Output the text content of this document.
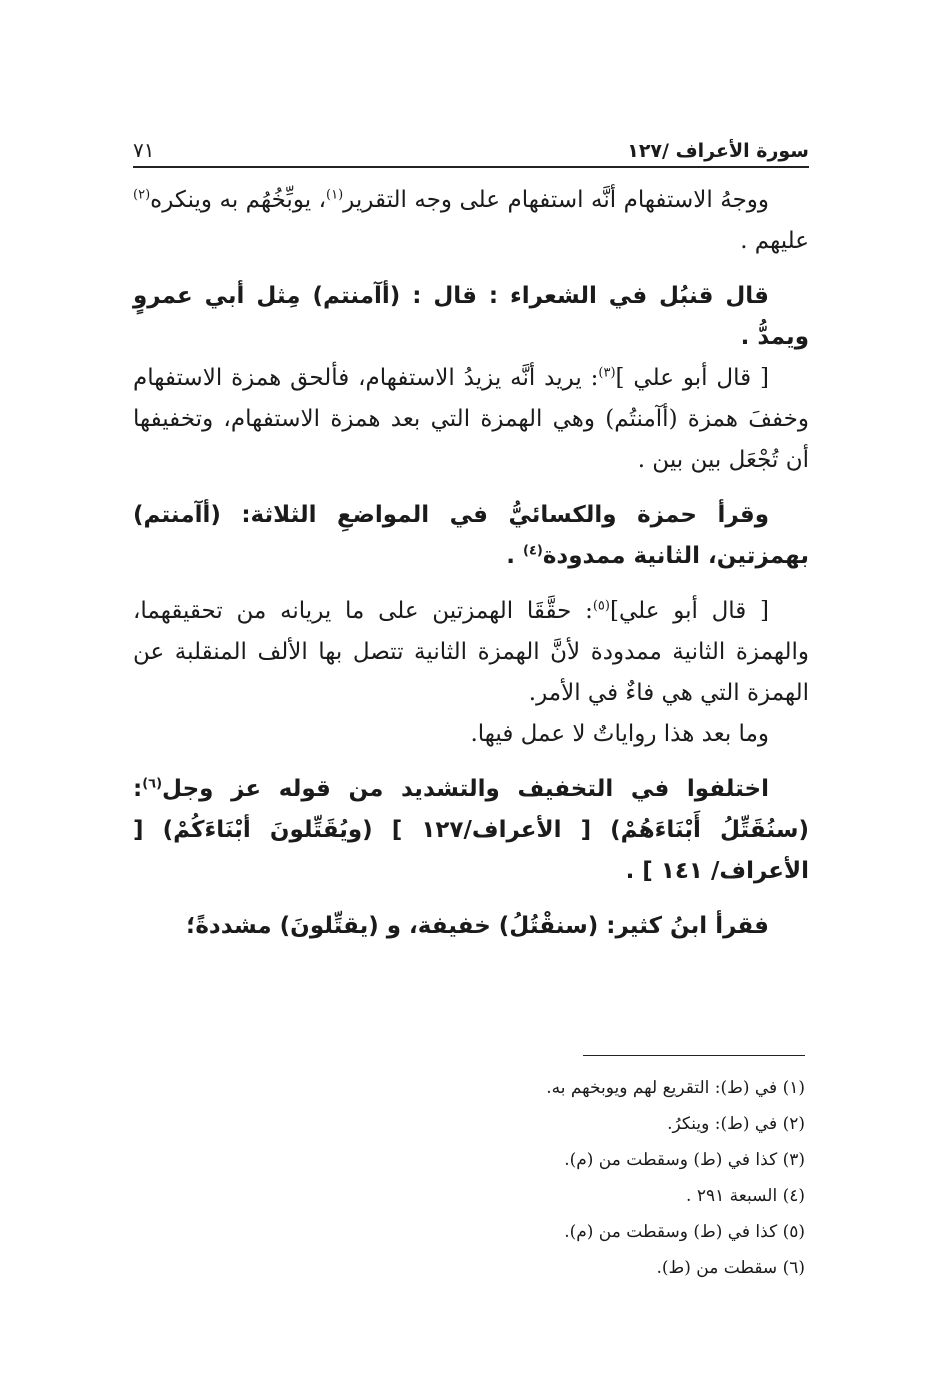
سورة الأعراف /١٢٧
٧١

ووجهُ الاستفهام أنَّه استفهام على وجه التقرير$^{(١)}$، يوبِّخُهُم به وينكره$^{(٢)}$ عليهم .

قال قنبُل في الشعراء : قال : (أآمنتم) مِثل أبي عمروٍ ويمدُّ .

[ قال أبو علي ]$^{(٣)}$: يريد أنَّه يزيدُ الاستفهام، فألحق همزة الاستفهام وخففَ همزة (أآمنتُم) وهي الهمزة التي بعد همزة الاستفهام، وتخفيفها أن تُجْعَل بين بين .

وقرأ حمزة والكسائيُّ في المواضعِ الثلاثة: (أآمنتم) بهمزتين، الثانية ممدودة$^{(٤)}$ .

[ قال أبو علي]$^{(٥)}$: حقَّقَا الهمزتين على ما يريانه من تحقيقهما، والهمزة الثانية ممدودة لأنَّ الهمزة الثانية تتصل بها الألف المنقلبة عن الهمزة التي هي فاءٌ في الأمر.

وما بعد هذا رواياتٌ لا عمل فيها.

اختلفوا في التخفيف والتشديد من قوله عز وجل$^{(٦)}$: (سنُقَتِّلُ أَبْنَاءَهُمْ) [ الأعراف/١٢٧ ] (ويُقَتِّلونَ أبْنَاءَكُمْ) [ الأعراف/ ١٤١ ] .

فقرأ ابنُ كثير: (سنقْتُلُ) خفيفة، و (يقتِّلونَ) مشددةً؛

(١) في (ط): التقريع لهم ويوبخهم به.
(٢) في (ط): وينكرُ.
(٣) كذا في (ط) وسقطت من (م).
(٤) السبعة ٢٩١ .
(٥) كذا في (ط) وسقطت من (م).
(٦) سقطت من (ط).
